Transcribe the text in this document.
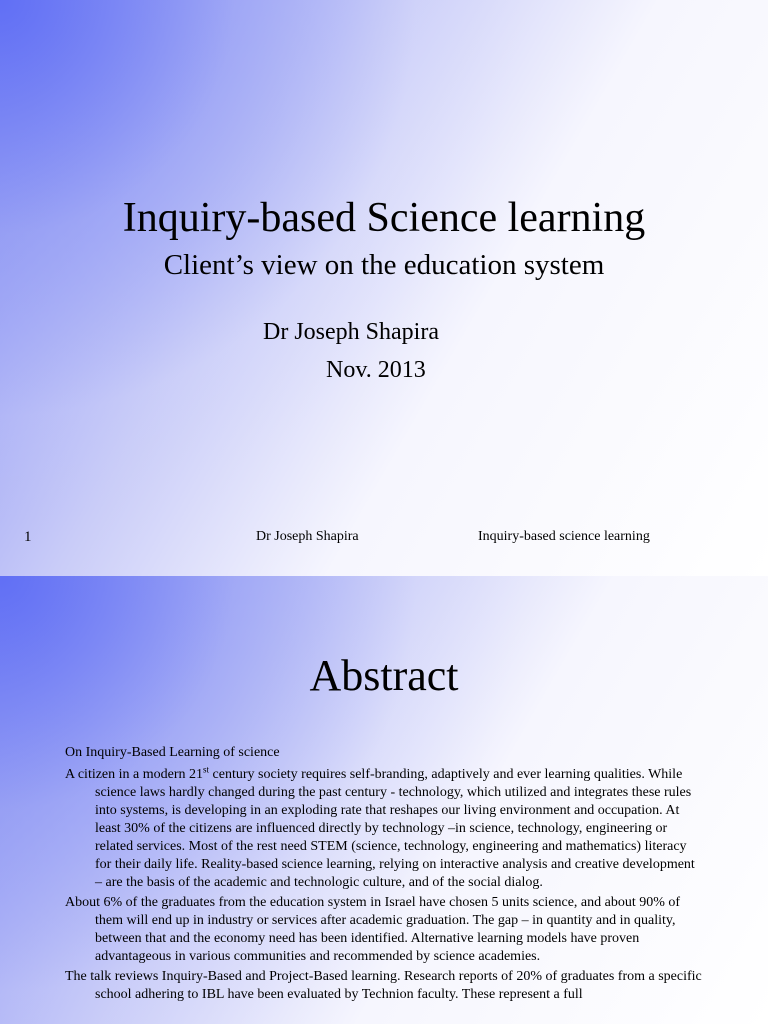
Inquiry-based Science learning
Client’s view on the education system
Dr Joseph Shapira
Nov. 2013
1	Dr Joseph Shapira	Inquiry-based science learning
Abstract

On Inquiry-Based Learning of science

A citizen in a modern 21st century society requires self-branding, adaptively and ever learning qualities. While science laws hardly changed during the past century - technology, which utilized and integrates these rules into systems, is developing in an exploding rate that reshapes our living environment and occupation. At least 30% of the citizens are influenced directly by technology –in science, technology, engineering or related services. Most of the rest need STEM (science, technology, engineering and mathematics) literacy for their daily life. Reality-based science learning, relying on interactive analysis and creative development – are the basis of the academic and technologic culture, and of the social dialog.

About 6% of the graduates from the education system in Israel have chosen 5 units science, and about 90% of them will end up in industry or services after academic graduation. The gap – in quantity and in quality, between that and the economy need has been identified. Alternative learning models have proven advantageous in various communities and recommended by science academies.

The talk reviews Inquiry-Based and Project-Based learning. Research reports of 20% of graduates from a specific school adhering to IBL have been evaluated by Technion faculty. These represent a full
